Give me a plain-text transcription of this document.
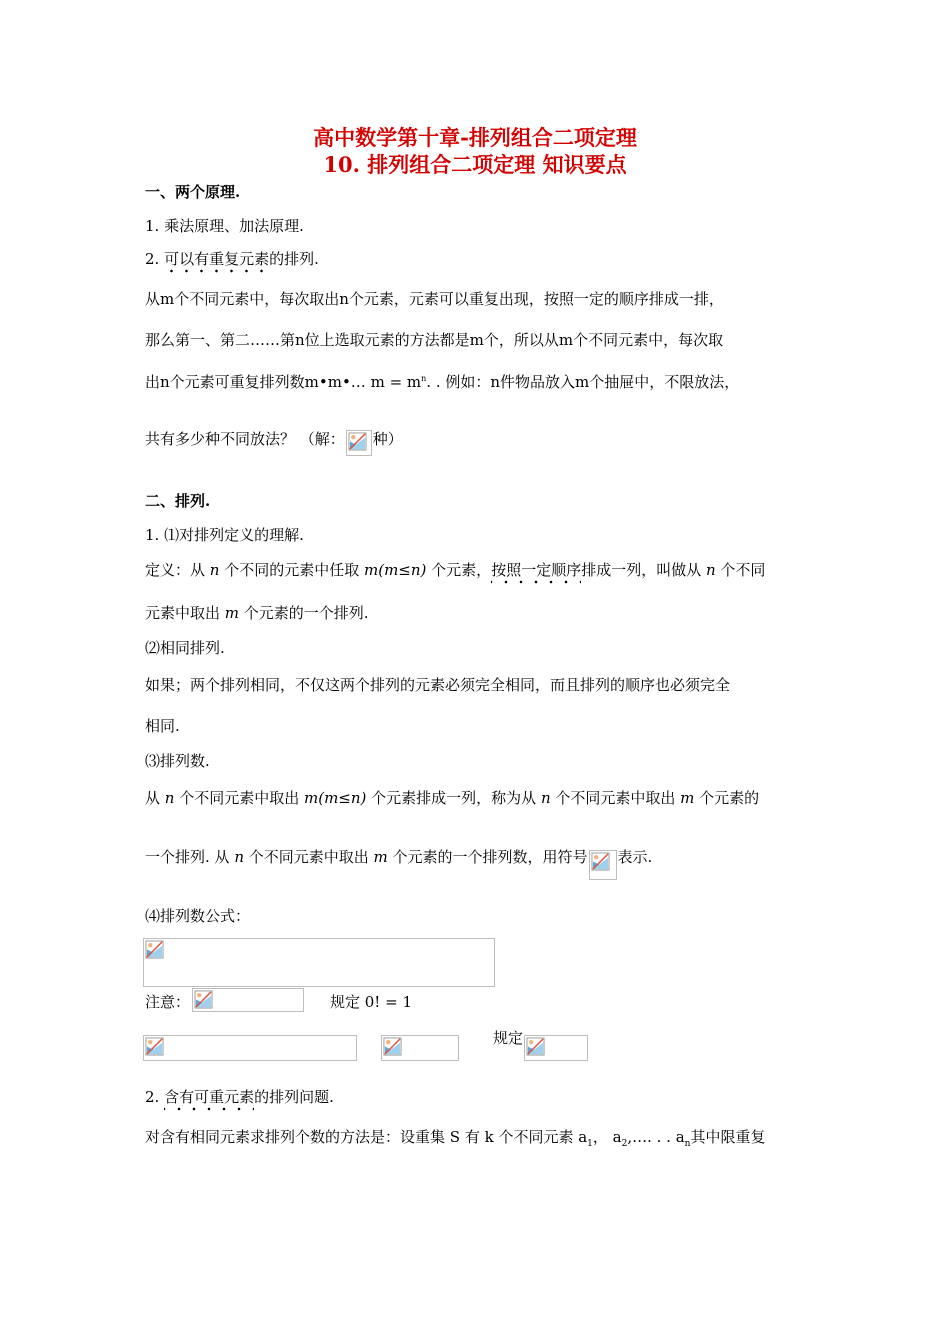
高中数学第十章-排列组合二项定理
10. 排列组合二项定理 知识要点
一、两个原理.
1. 乘法原理、加法原理.
2. 可以有重复元素的排列.
从m个不同元素中，每次取出n个元素，元素可以重复出现，按照一定的顺序排成一排，
那么第一、第二……第n位上选取元素的方法都是m个，所以从m个不同元素中，每次取
出n个元素可重复排列数m•m•… $m = m^n$. . 例如：n件物品放入m个抽屉中，不限放法，
共有多少种不同放法？ （解： 种）
二、排列.
1. ⑴对排列定义的理解.
定义：从 n 个不同的元素中任取 m(m≤n) 个元素，按照一定顺序排成一列，叫做从 n 个不同
元素中取出 m 个元素的一个排列.
⑵相同排列.
如果；两个排列相同，不仅这两个排列的元素必须完全相同，而且排列的顺序也必须完全
相同.
⑶排列数.
从 n 个不同元素中取出 m(m≤n) 个元素排成一列，称为从 n 个不同元素中取出 m 个元素的
一个排列. 从 n 个不同元素中取出 m 个元素的一个排列数，用符号 表示.
⑷排列数公式：
注意：	规定 0! = 1
规定
2. 含有可重元素的排列问题.
对含有相同元素求排列个数的方法是：设重集 S 有 k 个不同元素 $a_1$， $a_2,\dots$. . . $a_n$其中限重复
